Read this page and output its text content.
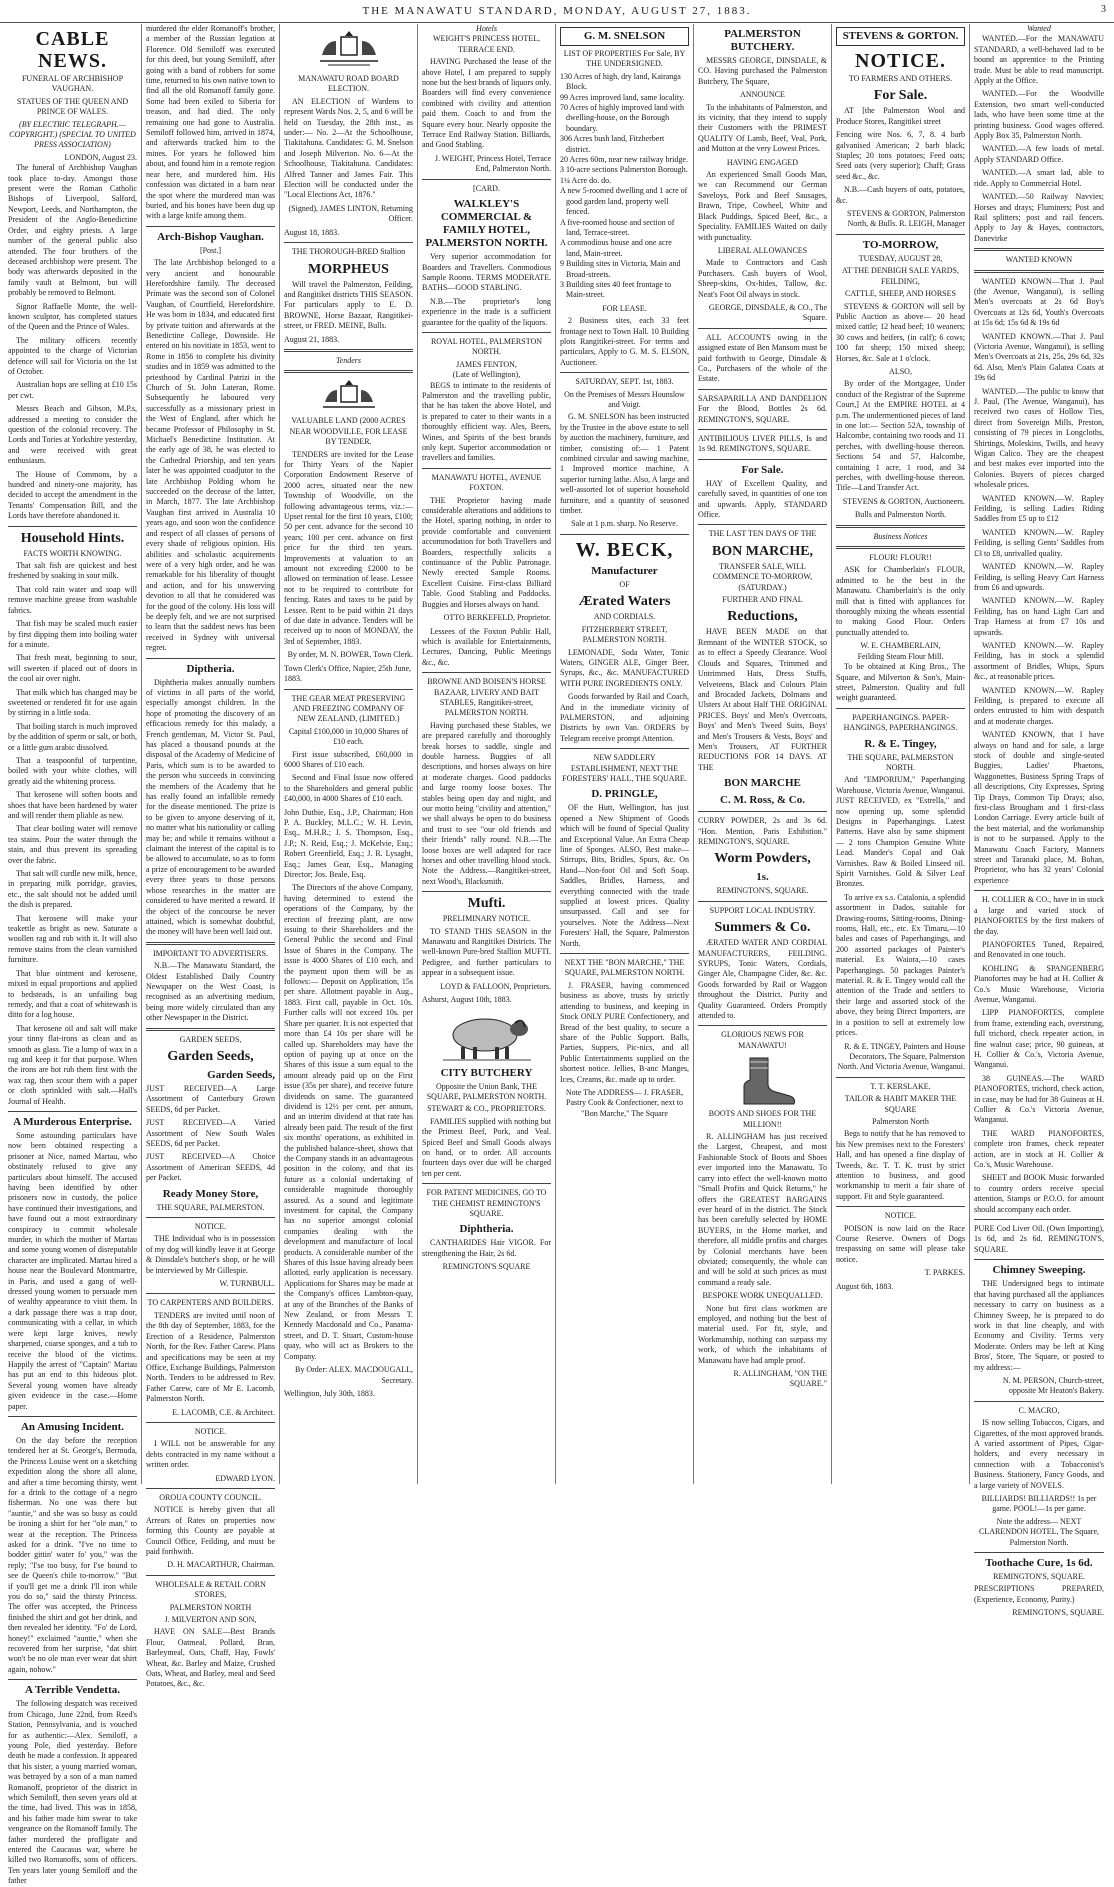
THE MANAWATU STANDARD, MONDAY, AUGUST 27, 1883.	3
CABLE NEWS.
FUNERAL OF ARCHBISHOP VAUGHAN.
STATUES OF THE QUEEN AND PRINCE OF WALES.
(BY ELECTRIC TELEGRAPH.—COPYRIGHT.) (SPECIAL TO UNITED PRESS ASSOCIATION)
LONDON, August 23.

The funeral of Archbishop Vaughan took place to-day. Amongst those present were the Roman Catholic Bishops of Liverpool, Salford, Newport, Leeds, and Northampton, the President of the Anglo-Benedictine Order, and eighty priests. A large number of the general public also attended. The four brothers of the deceased archbishop were present. The body was afterwards deposited in the family vault at Belmont, but will probably be removed to Belmont.

Signor Raffaelle Monte, the well-known sculptor, has completed statues of the Queen and the Prince of Wales.

The military officers recently appointed to the charge of Victorian defence will sail for Victoria on the 1st of October.

Australian hops are selling at £10 15s per cwt.

Messrs Beach and Gibson, M.P.s, addressed a meeting to consider the question of the colonial recovery. The Lords and Tories at Yorkshire yesterday, and were received with great enthusiasm.

The House of Commons, by a hundred and ninety-one majority, has decided to accept the amendment in the Tenants' Compensation Bill, and the Lords have therefore abandoned it.

Household Hints.
FACTS WORTH KNOWING.

That salt fish are quickest and best freshened by soaking in sour milk.

That cold rain water and soap will remove machine grease from washable fabrics.

That fish may be scaled much easier by first dipping them into boiling water for a minute.

That fresh meat, beginning to sour, will sweeten if placed out of doors in the cool air over night.

That milk which has changed may be sweetened or rendered fit for use again by stirring in a little soda.

That boiling starch is much improved by the addition of sperm or salt, or both, or a little gum arabic dissolved.

That a teaspoonful of turpentine, boiled with your white clothes, will greatly aid the whitening process.

That kerosene will soften boots and shoes that have been hardened by water and will render them pliable as new.

That clear boiling water will remove tea stains. Pour the water through the stain, and thus prevent its spreading over the fabric.

That salt will curdle new milk, hence, in preparing milk porridge, gravies, etc., the salt should not be added until the dish is prepared.

That kerosene will make your teakettle as bright as new. Saturate a woollen rag and rub with it. It will also remove stains from the clean varnished furniture.

That blue ointment and kerosene, mixed in equal proportions and applied to bedsteads, is an unfailing bug remedy, and that a coat of whitewash is ditto for a log house.

That kerosene oil and salt will make your tinny flat-irons as clean and as smooth as glass. Tie a lump of wax in a rag and keep it for that purpose. When the irons are hot rub them first with the wax rag, then scour them with a paper or cloth sprinkled with salt.—Hall's Journal of Health.

A Murderous Enterprise.

Some astounding particulars have now been obtained respecting a prisoner at Nice, named Martau, who obstinately refused to give any particulars about himself. The accused having been identified by other prisoners now in custody, the police have continued their investigations, and have found out a most extraordinary conspiracy to commit wholesale murder, in which the mother of Martau and some young women of disreputable character are implicated. Martau hired a house near the Boulevard Montmartre, in Paris, and used a gang of well-dressed young women to persuade men of wealthy appearance to visit them. In a dark passage there was a trap door, communicating with a cellar, in which were kept large knives, newly sharpened, coarse sponges, and a tub to receive the blood of the victims. Happily the arrest of "Captain" Martau has put an end to this hideous plot. Several young women have already given evidence in the case.—Home paper.

An Amusing Incident.

On the day before the reception tendered her at St. George's, Bermuda, the Princess Louise went on a sketching expedition along the shore all alone, and after a time becoming thirsty, went for a drink to the cottage of a negro fisherman. No one was there but "auntie," and she was so busy as could be ironing a shirt for her "ole man," to wear at the reception. The Princess asked for a drink. "I've no time to bodder gittin' water fo' you," was the reply; "I'se too busy, for I'se bound to see de Queen's chile to-morrow." "But if you'll get me a drink I'll iron while you do so," said the thirsty Princess. The offer was accepted, the Princess finished the shirt and got her drink, and then revealed her identity. "Fo' de Lord, honey!" exclaimed "auntie," when she recovered from her surprise, "dat shirt won't be no ole man ever wear dat shirt again, nohow."

A Terrible Vendetta.

The following despatch was received from Chicago, June 22nd, from Reed's Station, Pennsylvania, and is vouched for as authentic:—Alex. Semiloff, a young Pole, died yesterday. Before death he made a confession. It appeared that his sister, a young married woman, was betrayed by a son of a man named Romanoff, proprietor of the district in which Semiloff, then seven years old at the time, had lived. This was in 1858, and his father made him swear to take vengeance on the Romanoff family. The father murdered the profligate and entered the Caucasus war, where he killed two Romanoffs, sons of officers. Ten years later young Semiloff and the father

murdered the elder Romanoff's brother, a member of the Russian legation at Florence. Old Semiloff was executed for this deed, but young Semiloff, after going with a band of robbers for some time, returned to his own native town to find all the old Romanoff family gone. Some had been exiled to Siberia for treason, and had died. The only remaining one had gone to Australia. Semiloff followed him, arrived in 1874, and afterwards tracked him to the mines. For years he followed him about, and found him in a remote region near here, and murdered him. His confession was dictated in a barn near the spot where the murdered man was buried, and his bones have been dug up with a large knife among them.

Arch-Bishop Vaughan.
[Post.]

The late Archbishop belonged to a very ancient and honourable Herefordshire family. The deceased Primate was the second son of Colonel Vaughan, of Courtfield, Herefordshire. He was born in 1834, and educated first by private tuition and afterwards at the Benedictine College, Downside. He entered on his novitiate in 1853, went to Rome in 1856 to complete his divinity studies and in 1859 was admitted to the priesthood by Cardinal Patrizi in the Church of St. John Lateran, Rome. Subsequently he laboured very successfully as a missionary priest in the West of England, after which he became Professor of Philosophy in St. Michael's Benedictine Institution. At the early age of 38, he was elected to the Cathedral Priorship, and ten years later he was appointed coadjutor to the late Archbishop Polding whom he succeeded on the decease of the latter, in March, 1877. The late Archbishop Vaughan first arrived in Australia 10 years ago, and soon won the confidence and respect of all classes of persons of every shade of religious opinion. His abilities and scholastic acquirements were of a very high order, and he was remarkable for his liberality of thought and action, and for his unswerving devotion to all that he considered was for the good of the colony. His loss will be deeply felt, and we are not surprised to learn that the saddest news has been received in Sydney with universal regret.

Diptheria.

Diphtheria makes annually numbers of victims in all parts of the world, especially amongst children. In the hope of promoting the discovery of an efficacious remedy for this malady, a French gentleman, M. Victor St. Paul, has placed a thousand pounds at the disposal of the Academy of Medicine of Paris, which sum is to be awarded to the person who succeeds in convincing the members of the Academy that he has really found an infallible remedy for the disease mentioned. The prize is to be given to anyone deserving of it, no matter what his nationality or calling may be; and while it remains without a claimant the interest of the capital is to be allowed to accumulate, so as to form a prize of encouragement to be awarded every three years to those persons whose researches in the matter are considered to have merited a reward. If the object of the concourse be never attained, which is somewhat doubtful, the money will have been well laid out.

IMPORTANT TO ADVERTISERS.

N.B.—The Manawatu Standard, the Oldest Established Daily Country Newspaper on the West Coast, is recognised as an advertising medium, being more widely circulated than any other Newspaper in the District.

GARDEN SEEDS,
Garden Seeds,
Garden Seeds,

JUST RECEIVED—A Large Assortment of Canterbury Grown SEEDS, 6d per Packet.

JUST RECEIVED—A Varied Assortment of New South Wales SEEDS, 6d per Packet.

JUST RECEIVED—A Choice Assortment of American SEEDS, 4d per Packet.

Ready Money Store,
THE SQUARE, PALMERSTON.
NOTICE.

THE Individual who is in possession of my dog will kindly leave it at George & Dinsdale's butcher's shop, or he will be interviewed by Mr Gillespie.

W. TURNBULL.
TO CARPENTERS AND BUILDERS.

TENDERS are invited until noon of the 8th day of September, 1883, for the Erection of a Residence, Palmerston North, for the Rev. Father Carew. Plans and specifications may be seen at my Office, Exchange Buildings, Palmerston North. Tenders to be addressed to Rev. Father Carew, care of Mr E. Lacomb, Palmerston North.

E. LACOMB, C.E. & Architect.
NOTICE.

I WILL not be answerable for any debts contracted in my name without a written order.

EDWARD LYON.
OROUA COUNTY COUNCIL.

NOTICE is hereby given that all Arrears of Rates on properties now forming this County are payable at Council Office, Feilding, and must be paid forthwith.

D. H. MACARTHUR, Chairman.
WHOLESALE & RETAIL CORN STORES,
PALMERSTON NORTH
J. MILVERTON AND SON,

HAVE ON SALE—Best Brands Flour, Oatmeal, Pollard, Bran, Barleymeal, Oats, Chaff, Hay, Fowls' Wheat, &c. Barley and Maize, Crushed Oats, Wheat, and Barley, meal and Seed Potatoes, &c., &c.

MANAWATU ROAD BOARD ELECTION.

AN ELECTION of Wardens to represent Wards Nos. 2, 5, and 6 will be held on Tuesday, the 28th inst., as under:— No. 2—At the Schoolhouse, Tiakitahuna. Candidates: G. M. Snelson and Joseph Milverton. No. 6—At the Schoolhouse, Tiakitahuna. Candidates: Alfred Tanner and James Fair. This Election will be conducted under the "Local Elections Act, 1876."

(Signed), JAMES LINTON, Returning Officer.
August 18, 1883.
THE THOROUGH-BRED Stallion
MORPHEUS

Will travel the Palmerston, Feilding, and Rangitikei districts THIS SEASON. For particulars apply to E. D. BROWNE, Horse Bazaar, Rangitikei-street, or FRED. MEINE, Bulls.

August 21, 1883.
Tenders
VALUABLE LAND (2000 ACRES NEAR WOODVILLE, FOR LEASE BY TENDER.

TENDERS are invited for the Lease for Thirty Years of the Napier Corporation Endowment Reserve of 2000 acres, situated near the new Township of Woodville, on the following advantageous terms, viz.:— Upset rental for the first 10 years, £100; 50 per cent. advance for the second 10 years; 100 per cent. advance on first price for the third ten years. Improvements at valuation to an amount not exceeding £2000 to be allowed on termination of lease. Lessee not to be required to contribute for fencing. Rates and taxes to be paid by Lessee. Rent to be paid within 21 days of due date in advance. Tenders will be received up to noon of MONDAY, the 3rd of September, 1883.

By order, M. N. BOWER, Town Clerk.
Town Clerk's Office, Napier, 25th June, 1883.
THE GEAR MEAT PRESERVING AND FREEZING COMPANY OF NEW ZEALAND, (LIMITED.)
Capital £100,000 in 10,000 Shares of £10 each.

First issue subscribed, £60,000 in 6000 Shares of £10 each.

Second and Final Issue now offered to the Shareholders and general public £40,000, in 4000 Shares of £10 each.

John Duthie, Esq., J.P., Chairman; Hon P. A. Buckley, M.L.C.; W. H. Levin, Esq., M.H.R.; J. S. Thompson, Esq., J.P.; N. Reid, Esq.; J. McKelvie, Esq.; Robert Greenfield, Esq.; J. R. Lysaght, Esq.; James Gear, Esq., Managing Director; Jos. Beale, Esq.

The Directors of the above Company, having determined to extend the operations of the Company, by the erection of freezing plant, are now issuing to their Shareholders and the General Public the second and Final Issue of Shares in the Company. The issue is 4000 Shares of £10 each, and the payment upon them will be as follows:— Deposit on Application, 15s per share. Allotment payable in Aug., 1883. First call, payable in Oct. 10s. Further calls will not exceed 10s. per Share per quarter. It is not expected that more than £4 10s per share will be called up. Shareholders may have the option of paying up at once on the Shares of this issue a sum equal to the amount already paid up on the First issue (35s per share), and receive future dividends on same. The guaranteed dividend is 12½ per cent. per annum, and an interim dividend at that rate has already been paid. The result of the first six months' operations, as exhibited in the published balance-sheet, shows that the Company stands in an advantageous position in the colony, and that its future as a colonial undertaking of considerable magnitude thoroughly assured. As a sound and legitimate investment for capital, the Company has no superior amongst colonial companies dealing with the development and manufacture of local products. A considerable number of the Shares of this Issue having already been allotted, early application is necessary. Applications for Shares may be made at the Company's offices Lambton-quay, at any of the Branches of the Banks of New Zealand, or from Messrs T. Kennedy Macdonald and Co., Panama-street, and D. T. Stuart, Custom-house quay, who will act as Brokers to the Company.

By Order: ALEX. MACDOUGALL, Secretary.
Wellington, July 30th, 1883.
Hotels
WEIGHT'S PRINCESS HOTEL, TERRACE END.

HAVING Purchased the lease of the above Hotel, I am prepared to supply none but the best brands of liquors only. Boarders will find every convenience combined with civility and attention paid them. Coach to and from the Square every hour. Nearly opposite the Terrace End Railway Station. Billiards, and Good Stabling.

J. WEIGHT, Princess Hotel, Terrace End, Palmerston North.
[CARD.
WALKLEY'S COMMERCIAL & FAMILY HOTEL, PALMERSTON NORTH.

Very superior accommodation for Boarders and Travellers. Commodious Sample Rooms. TERMS MODERATE. BATHS—GOOD STABLING.

N.B.—The proprietor's long experience in the trade is a sufficient guarantee for the quality of the liquors.

ROYAL HOTEL, PALMERSTON NORTH.
JAMES FENTON,
(Late of Wellington),

BEGS to intimate to the residents of Palmerston and the travelling public, that he has taken the above Hotel, and is prepared to cater to their wants in a thoroughly efficient way. Ales, Beers, Wines, and Spirits of the best brands only kept. Superior accommodation or travellers and families.

MANAWATU HOTEL, AVENUE FOXTON.

THE Proprietor having made considerable alterations and additions to the Hotel, sparing nothing, in order to provide comfortable and convenient accommodation for both Travellers and Boarders, respectfully solicits a continuance of the Public Patronage. Newly erected Sample Rooms. Excellent Cuisine. First-class Billiard Table. Good Stabling and Paddocks. Buggies and Horses always on hand.

OTTO BERKEFELD, Proprietor.

Lessees of the Foxton Public Hall, which is available for Entertainments, Lectures, Dancing, Public Meetings &c., &c.

BROWNE AND BOISEN'S HORSE BAZAAR, LIVERY AND BAIT STABLES, Rangitikei-street, PALMERSTON NORTH.

Having purchased these Stables, we are prepared carefully and thoroughly break horses to saddle, single and double harness. Buggies of all descriptions, and horses always on hire at moderate charges. Good paddocks and large roomy loose boxes. The stables being open day and night, and our motto being "civility and attention," we shall always be open to do business and trust to see "our old friends and their friends" rally round. N.B.—The loose boxes are well adapted for race horses and other travelling blood stock. Note the Address.—Rangitikei-street, next Wood's, Blacksmith.

Mufti.
PRELIMINARY NOTICE.

TO STAND THIS SEASON in the Manawatu and Rangitikei Districts. The well-known Pure-bred Stallion MUFTI. Pedigree, and further particulars to appear in a subsequent issue.

LOYD & FALLOON, Proprietors.
Ashurst, August 10th, 1883.
CITY BUTCHERY
Opposite the Union Bank, THE SQUARE, PALMERSTON NORTH.
STEWART & CO., PROPRIETORS.

FAMILIES supplied with nothing but the Primest Beef, Pork, and Veal. Spiced Beef and Small Goods always on hand, or to order. All accounts fourteen days over due will be charged ten per cent.

FOR PATENT MEDICINES, GO TO THE CHEMIST REMINGTON'S SQUARE.
Diphtheria.

CANTHARIDES Hair VIGOR. For strengthening the Hair, 2s 6d.

REMINGTON'S SQUARE
G. M. SNELSON
LIST OF PROPERTIES For Sale, BY THE UNDERSIGNED.
130 Acres of high, dry land, Kairanga Block.
99 Acres improved land, same locality.
70 Acres of highly improved land with dwelling-house, on the Borough boundary.
306 Acres bush land, Fitzherbert district.
20 Acres 60m, near new railway bridge.
3 10-acre sections Palmerston Borough.
1¼ Acre do. do.
A new 5-roomed dwelling and 1 acre of good garden land, property well fenced.
A five-roomed house and section of land, Terrace-street.
A commodious house and one acre land, Main-street.
9 Building sites in Victoria, Main and Broad-streets.
3 Building sites 40 feet frontage to Main-street.
FOR LEASE.

2 Business sites, each 33 feet frontage next to Town Hall. 10 Building plots Rangitikei-street. For terms and particulars, Apply to G. M. S. ELSON, Auctioneer.

SATURDAY, SEPT. 1st, 1883.
On the Premises of Messrs Hounslow and Voigt.

G. M. SNELSON has been instructed by the Trustee in the above estate to sell by auction the machinery, furniture, and timber, consisting of:— 1 Patent combined circular and sawing machine, 1 Improved mortice machine, A superior turning lathe. Also, A large and well-assorted lot of superior household furniture, and a quantity of seasoned timber.

Sale at 1 p.m. sharp. No Reserve.
W. BECK,
Manufacturer
OF
Ærated Waters
AND CORDIALS.
FITZHERBERT STREET, PALMERSTON NORTH.

LEMONADE, Soda Water, Tonic Waters, GINGER ALE, Ginger Beer, Syrups, &c., &c. MANUFACTURED WITH PURE INGREDIENTS ONLY.

Goods forwarded by Rail and Coach, And in the immediate vicinity of PALMERSTON, and adjoining Districts by own Van. ORDERS by Telegram receive prompt Attention.

NEW SADDLERY ESTABLISHMENT, NEXT THE FORESTERS' HALL, THE SQUARE.
D. PRINGLE,

OF the Hutt, Wellington, has just opened a New Shipment of Goods which will be found of Special Quality and Exceptional Value. An Extra Cheap line of Sponges. ALSO, Best make—Stirrups, Bits, Bridles, Spurs, &c. On Hand—Non-foot Oil and Soft Soap. Saddles, Bridles, Harness, and everything connected with the trade supplied at lowest prices. Quality unsurpassed. Call and see for yourselves. Note the Address—Next Foresters' Hall, the Square, Palmerston North.

NEXT THE "BON MARCHE," THE SQUARE, PALMERSTON NORTH.

J. FRASER, having commenced business as above, trusts by strictly attending to business, and keeping in Stock ONLY PURE Confectionery, and Bread of the best quality, to secure a share of the Public Support. Balls, Parties, Suppers, Pic-nics, and all Public Entertainments supplied on the shortest notice. Jellies, B-anc Manges, Ices, Creams, &c. made up to order.

Note The ADDRESS— J. FRASER, Pastry Cook & Confectioner, next to "Bon Marche," The Square
PALMERSTON BUTCHERY.

MESSRS GEORGE, DINSDALE, & CO. Having purchased the Palmerston Butchery, The Square,

ANNOUNCE

To the inhabitants of Palmerston, and its vicinity, that they intend to supply their Customers with the PRIMEST QUALITY Of Lamb, Beef, Veal, Pork, and Mutton at the very Lowest Prices.

HAVING ENGAGED

An experienced Small Goods Man, we can Recommend our German Saveloys, Pork and Beef Sausages, Brawn, Tripe, Cowheel, White and Black Puddings, Spiced Beef, &c., a Speciality. FAMILIES Waited on daily with punctuality.

LIBERAL ALLOWANCES

Made to Contractors and Cash Purchasers. Cash buyers of Wool, Sheep-skins, Ox-hides, Tallow, &c. Neat's Foot Oil always in stock.

GEORGE, DINSDALE, & CO., The Square.

ALL ACCOUNTS owing in the assigned estate of Ben Mansom must be paid forthwith to George, Dinsdale & Co., Purchasers of the whole of the Estate.

SARSAPARILLA AND DANDELION For the Blood, Bottles 2s 6d. REMINGTON'S, SQUARE.

ANTIBILIOUS LIVER PILLS, Is and 1s 9d. REMINGTON'S, SQUARE.

For Sale.

HAY of Excellent Quality, and carefully saved, in quantities of one ton and upwards. Apply, STANDARD Office.

THE LAST TEN DAYS OF THE
BON MARCHE,
TRANSFER SALE, WILL COMMENCE TO-MORROW, (SATURDAY.)
FURTHER AND FINAL
Reductions,

HAVE BEEN MADE on that Remnant of the WINTER STOCK, so as to effect a Speedy Clearance. Wool Clouds and Squares, Trimmed and Untrimmed Hats, Dress Stuffs, Velveteens, Black and Colours Plain and Brocaded Jackets, Dolmans and Ulsters At about Half THE ORIGINAL PRICES. Boys' and Men's Overcoats, Boys' and Men's Tweed Suits, Boys' and Men's Trousers & Vests, Boys' and Men's Trousers, AT FURTHER REDUCTIONS FOR 14 DAYS. AT THE

BON MARCHE
C. M. Ross, & Co.

CURRY POWDER, 2s and 3s 6d. "Hon. Mention, Paris Exhibition." REMINGTON'S, SQUARE.

Worm Powders,
1s.
REMINGTON'S, SQUARE.
SUPPORT LOCAL INDUSTRY.
Summers & Co.

ÆRATED WATER AND CORDIAL MANUFACTURERS, FEILDING. SYRUPS, Tonic Waters, Cordials, Ginger Ale, Champagne Cider, &c. &c. Goods forwarded by Rail or Waggon throughout the District. Purity and Quality Guaranteed. Orders Promptly attended to.

GLORIOUS NEWS FOR MANAWATU!
BOOTS AND SHOES FOR THE MILLION!!

R. ALLINGHAM has just received the Largest, Cheapest, and most Fashionable Stock of Boots and Shoes ever imported into the Manawatu. To carry into effect the well-known motto "Small Profits and Quick Returns," he offers the GREATEST BARGAINS ever heard of in the district. The Stock has been carefully selected by HOME BUYERS, in the Home market, and therefore, all middle profits and charges by Colonial merchants have been obviated; consequently, the whole can and will be sold at such prices as must command a ready sale.

BESPOKE WORK UNEQUALLED.

None but first class workmen are employed, and nothing but the best of material used. For fit, style, and Workmanship, nothing can surpass my work, of which the inhabitants of Manawatu have had ample proof.

R. ALLINGHAM, "ON THE SQUARE."
STEVENS & GORTON.
NOTICE.
TO FARMERS AND OTHERS.
For Sale.

AT [the Palmerston Wool and Produce Stores, Rangitikei street

Fencing wire Nos. 6, 7, 8. 4 barb galvanised American; 2 barb black; Staples; 20 tons potatoes; Feed oats; Seed oats (very superior); Chaff; Grass seed &c., &c.

N.B.—Cash buyers of oats, potatoes, &c.

STEVENS & GORTON, Palmerston North, & Bulls. R. LEIGH, Manager
TO-MORROW,
TUESDAY, AUGUST 28,
AT THE DENBIGH SALE YARDS, FEILDING,
CATTLE, SHEEP, AND HORSES

STEVENS & GORTON will sell by Public Auction as above— 20 head mixed cattle; 12 head beef; 10 weaners; 30 cows and heifers, (in calf); 6 cows; 100 fat sheep; 150 mixed sheep; Horses, &c. Sale at 1 o'clock.

ALSO,

By order of the Mortgagee, Under conduct of the Registrar of the Supreme Court,] At the EMPIRE HOTEL at 4 p.m. The undermentioned pieces of land in one lot:— Section 52A, township of Halcombe, containing two roods and 11 perches, with dwelling-house thereon. Sections 54 and 57, Halcombe, containing 1 acre, 1 rood, and 34 perches, with dwelling-house thereon. Title—Land Transfer Act.

STEVENS & GORTON, Auctioneers.
Bulls and Palmerston North.
Business Notices
FLOUR! FLOUR!!

ASK for Chamberlain's FLOUR, admitted to be the best in the Manawatu. Chamberlain's is the only mill that is fitted with appliances for thoroughly mixing the wheats essential to making Good Flour. Orders punctually attended to.

W. E. CHAMBERLAIN,
Feilding Steam Flour Mill.

To be obtained at King Bros., The Square, and Milverton & Son's, Main-street, Palmerston. Quality and full weight guaranteed.

PAPERHANGINGS. PAPER-HANGINGS, PAPERHANGINGS.
R. & E. Tingey,
THE SQUARE, PALMERSTON NORTH.

And "EMPORIUM," Paperhanging Warehouse, Victoria Avenue, Wanganui. JUST RECEIVED, ex "Estrella," and now opening up, some splendid Designs in Paperhangings. Latest Patterns. Have also by same shipment— 2 tons Champion Genuine White Lead. Mander's Copal and Oak Varnishes. Raw & Boiled Linseed oil. Spirit Varnishes. Gold & Silver Leaf Bronzes.

To arrive ex s.s. Catalonia, a splendid assortment in Dados, suitable for Drawing-rooms, Sitting-rooms, Dining-rooms, Hall, etc., etc. Ex Timaru,—10 bales and cases of Paperhangings, and 200 assorted packages of Painter's material. Ex Waiora,—10 cases Paperhangings. 50 packages Painter's material. R. & E. Tingey would call the attention of the Trade and settlers to their large and assorted stock of the above, they being Direct Importers, are in a position to sell at extremely low prices.

R. & E. TINGEY, Painters and House Decorators, The Square, Palmerston North. And Victoria Avenue, Wanganui.
T. T. KERSLAKE.
TAILOR & HABIT MAKER THE SQUARE
Palmerston North

Begs to notify that he has removed to his New premises next to the Foresters' Hall, and has opened a fine display of Tweeds, &c. T. T. K. trust by strict attention to business, and good workmanship to merit a fair share of support. Fit and Style guaranteed.

NOTICE.

POISON is now laid on the Race Course Reserve. Owners of Dogs trespassing on same will please take notice.

T. PARKES.
August 6th, 1883.
Wanted

WANTED.—For the MANAWATU STANDARD, a well-behaved lad to be bound an apprentice to the Printing trade. Must be able to read manuscript. Apply at the Office.

WANTED.—For the Woodville Extension, two smart well-conducted lads, who have been some time at the printing business. Good wages offered. Apply Box 35, Palmerston North.

WANTED.—A few loads of metal. Apply STANDARD Office.

WANTED.—A smart lad, able to ride. Apply to Commercial Hotel.

WANTED.—50 Railway Navvies; Horses and drays; Fluminers; Post and Rail splitters; post and rail fencers. Apply to Jay & Hayes, contractors, Danevirke

WANTED KNOWN

WANTED KNOWN—That J. Paul (the Avenue, Wanganui), is selling Men's overcoats at 2s 6d Boy's Overcoats at 12s 6d, Youth's Overcoats at 15s 6d; 15s 6d & 19s 6d

WANTED KNOWN.—That J. Paul (Victoria Avenue, Wanganui), is selling Men's Overcoats at 21s, 25s, 29s 6d, 32s 6d. Also, Men's Plain Galatea Coats at 19s 6d

WANTED.—The public to know that J. Paul, (The Avenue, Wanganui), has received two cases of Hollow Ties, direct from Sovereign Mills, Preston, consisting of 79 pieces in Longcloths, Shirtings, Moleskins, Twills, and heavy Wigan Calico. They are the cheapest and best makes ever imported into the Colonies. Buyers of pieces charged wholesale prices.

WANTED KNOWN.—W. Rapley Feilding, is selling Ladies Riding Saddles from £5 up to £12

WANTED KNOWN.—W. Rapley Feilding, is selling Gents' Saddles from £3 to £8, unrivalled quality.

WANTED KNOWN.—W. Rapley Feilding, is selling Heavy Cart Harness from £6 and upwards.

WANTED KNOWN.—W. Rapley Feilding, has on hand Light Cart and Trap Harness at from £7 10s and upwards.

WANTED KNOWN.—W. Rapley Feilding, has in stock a splendid assortment of Bridles, Whips, Spurs &c., at reasonable prices.

WANTED KNOWN.—W. Rapley Feilding, is prepared to execute all orders entrusted to him with despatch and at moderate charges.

WANTED KNOWN, that I have always on hand and for sale, a large stock of double and single-seated Buggies, Ladies' Phaetons, Waggonettes, Business Spring Traps of all descriptions, City Expresses, Spring Tip Drays, Common Tip Drays; also, first-class Brougham and 1 first-class London Carriage. Every article built of the best material, and the workmanship is not to be surpassed. Apply to the Manawatu Coach Factory, Manners street and Taranaki place, M. Bohan, Proprietor, who has 32 years' Colonial experience

H. COLLIER & CO., have in in stock a large and varied stock of PIANOFORTES by the first makers of the day.

PIANOFORTES Tuned, Repaired, and Renovated in one touch.

KOHLING & SPANGENBERG Pianofortes may be had at H. Collier & Co.'s Music Warehouse, Victoria Avenue, Wanganui.

LIPP PIANOFORTES, complete from frame, extending each, overstrung, full trichord, check repeater action, in fine walnut case; price, 90 guineas, at H. Collier & Co.'s, Victoria Avenue, Wanganui.

38 GUINEAS.—The WARD PIANOFORTES, trichord, check action, in case, may be had for 38 Guineas at H. Collier & Co.'s Victoria Avenue, Wanganui.

THE WARD PIANOFORTES, complete iron frames, check repeater action, are in stock at H. Collier & Co.'s, Music Warehouse.

SHEET and BOOK Music forwarded to country orders receive special attention, Stamps or P.O.O. for amount should accompany each order.

PURE Cod Liver Oil. (Own Importing), 1s 6d, and 2s 6d. REMINGTON'S, SQUARE.

Chimney Sweeping.

THE Undersigned begs to intimate that having purchased all the appliances necessary to carry on business as a Chimney Sweep, he is prepared to do work in that line cheaply, and with Economy and Civility. Terms very Moderate. Orders may be left at King Bros', Store, The Square, or posted to my address:—

N. M. PERSON, Church-street, opposite Mr Heaton's Bakery.
C. MACRO,

IS now selling Tobaccos, Cigars, and Cigarettes, of the most approved brands. A varied assortment of Pipes, Cigar-holders, and every necessary in connection with a Tobacconist's Business. Stationery, Fancy Goods, and a large variety of NOVELS.

BILLIARDS! BILLIARDS!! 1s per game. POOL!—1s per game.
Note the address— NEXT CLARENDON HOTEL, The Square, Palmerston North.
Toothache Cure, 1s 6d.
REMINGTON'S, SQUARE.

PRESCRIPTIONS PREPARED, (Experience, Economy, Purity.)

REMINGTON'S, SQUARE.
